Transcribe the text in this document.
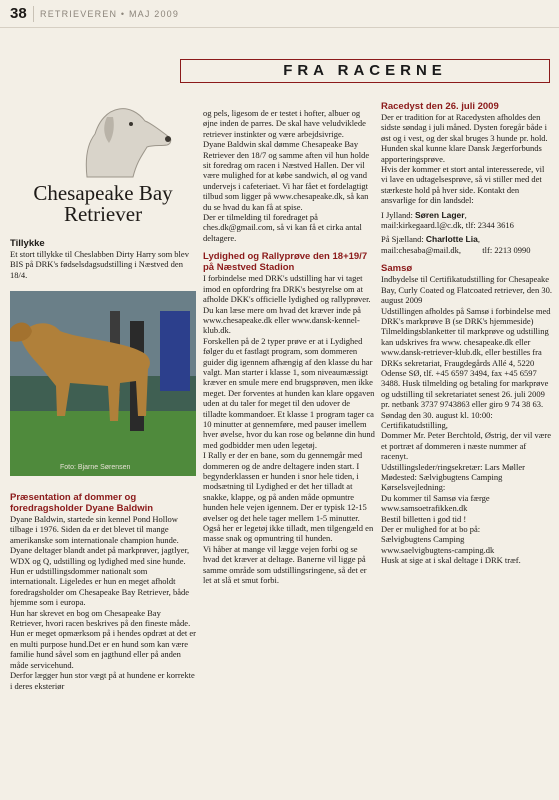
38 RETRIEVEREN • MAJ 2009
FRA RACERNE
Chesapeake Bay
Retriever
Tillykke

Et stort tillykke til Cheslabben Dirty Harry som blev BIS på DRK's fødselsdagsudstilling i Næstved den 18/4.

Foto: Bjarne Sørensen
Præsentation af dommer og foredragsholder Dyane Baldwin

Dyane Baldwin, startede sin kennel Pond Hollow tilbage i 1976. Siden da er det blevet til mange amerikanske som internationale champion hunde.

Dyane deltager blandt andet på markprøver, jagtlyer, WDX og Q, udstilling og lydighed med sine hunde.

Hun er udstillingsdommer nationalt som internationalt. Ligeledes er hun en meget afholdt foredragsholder om Chesapeake Bay Retriever, både hjemme som i europa.

Hun har skrevet en bog om Chesapeake Bay Retriever, hvori racen beskrives på den fineste måde.

Hun er meget opmærksom på i hendes opdræt at det er en multi purpose hund.Det er en hund som kan være familie hund såvel som en jagthund eller på anden måde servicehund.

Derfor lægger hun stor vægt på at hundene er korrekte i deres eksteriør

og pels, ligesom de er testet i hofter, albuer og øjne inden de parres. De skal have veludviklede retriever instinkter og være arbejdsivrige.

Dyane Baldwin skal dømme Chesapeake Bay Retriever den 18/7 og samme aften vil hun holde sit foredrag om racen i Næstved Hallen. Der vil være mulighed for at købe sandwich, øl og vand undervejs i cafeteriaet. Vi har fået et fordelagtigt tilbud som ligger på www.chesapeake.dk, så kan du se hvad du kan få at spise.

Der er tilmelding til foredraget på ches.dk@gmail.com, så vi kan få et cirka antal deltagere.

Lydighed og Rallyprøve den 18+19/7 på Næstved Stadion

I forbindelse med DRK's udstilling har vi taget imod en opfordring fra DRK's bestyrelse om at afholde DKK's officielle lydighed og rallyprøver.

Du kan læse mere om hvad det kræver inde på www.chesapeake.dk eller www.dansk-kennel-klub.dk.

Forskellen på de 2 typer prøve er at i Lydighed følger du et fastlagt program, som dommeren guider dig igennem afhængig af den klasse du har valgt. Man starter i klasse 1, som niveaumæssigt kræver en smule mere end brugsprøven, men ikke meget. Der forventes at hunden kan klare opgaven uden at du taler for meget til den udover de tilladte kommandoer. Et klasse 1 program tager ca 10 minutter at gennemføre, med pauser imellem hver øvelse, hvor du kan rose og belønne din hund med godbidder men uden legetøj.

I Rally er der en bane, som du gennemgår med dommeren og de andre deltagere inden start. I begynderklassen er hunden i snor hele tiden, i modsætning til Lydighed er det her tilladt at snakke, klappe, og på anden måde opmuntre hunden hele vejen igennem. Der er typisk 12-15 øvelser og det hele tager mellem 1-5 minutter. Også her er legetøj ikke tilladt, men tilgengæld en masse snak og opmuntring til hunden.

Vi håber at mange vil lægge vejen forbi og se hvad det kræver at deltage. Banerne vil ligge på samme område som udstillingsringene, så det er let at slå et smut forbi.

Racedyst den 26. juli 2009

Der er tradition for at Racedysten afholdes den sidste søndag i juli måned. Dysten foregår både i øst og i vest, og der skal bruges 3 hunde pr. hold. Hunden skal kunne klare Dansk Jægerforbunds apporteringsprøve.

Hvis der kommer et stort antal interesserede, vil vi lave en udtagelsesprøve, så vi stiller med det stærkeste hold på hver side. Kontakt den ansvarlige for din landsdel:

I Jylland: Søren Lager,

mail:kirkegaard.l@c.dk, tlf: 2344 3616

På Sjælland: Charlotte Lia,

mail:chesaba@mail.dk,          tlf: 2213 0990

Samsø

Indbydelse til Certifikatudstilling for Chesapeake Bay, Curly Coated og Flatcoated retriever, den 30. august 2009

Udstillingen afholdes på Samsø i forbindelse med DRK's markprøve B (se DRK's hjemmeside)

Tilmeldingsblanketter til markprøve og udstilling kan udskrives fra www. chesapeake.dk eller www.dansk-retriever-klub.dk, eller bestilles fra DRKs sekretariat, Fraugdegårds Allé 4, 5220 Odense SØ, tlf. +45 6597 3494, fax +45 6597 3488. Husk tilmelding og betaling for markprøve og udstilling til sekretariatet senest 26. juli 2009 pr. netbank 3737 9743863 eller giro 9 74 38 63.

Søndag den 30. august kl. 10:00: Certifikatudstilling,

Dommer Mr. Peter Berchtold, Østrig, der vil være et portræt af dommeren i næste nummer af racenyt.

Udstillingsleder/ringsekretær: Lars Møller

Mødested: Sælvigbugtens Camping

Kørselsvejledning:

Du kommer til Samsø via færge

www.samsoetrafikken.dk

Bestil billetten i god tid !

Der er mulighed for at bo på:

Sælvigbugtens Camping

www.saelvigbugtens-camping.dk

Husk at sige at i skal deltage i DRK træf.
